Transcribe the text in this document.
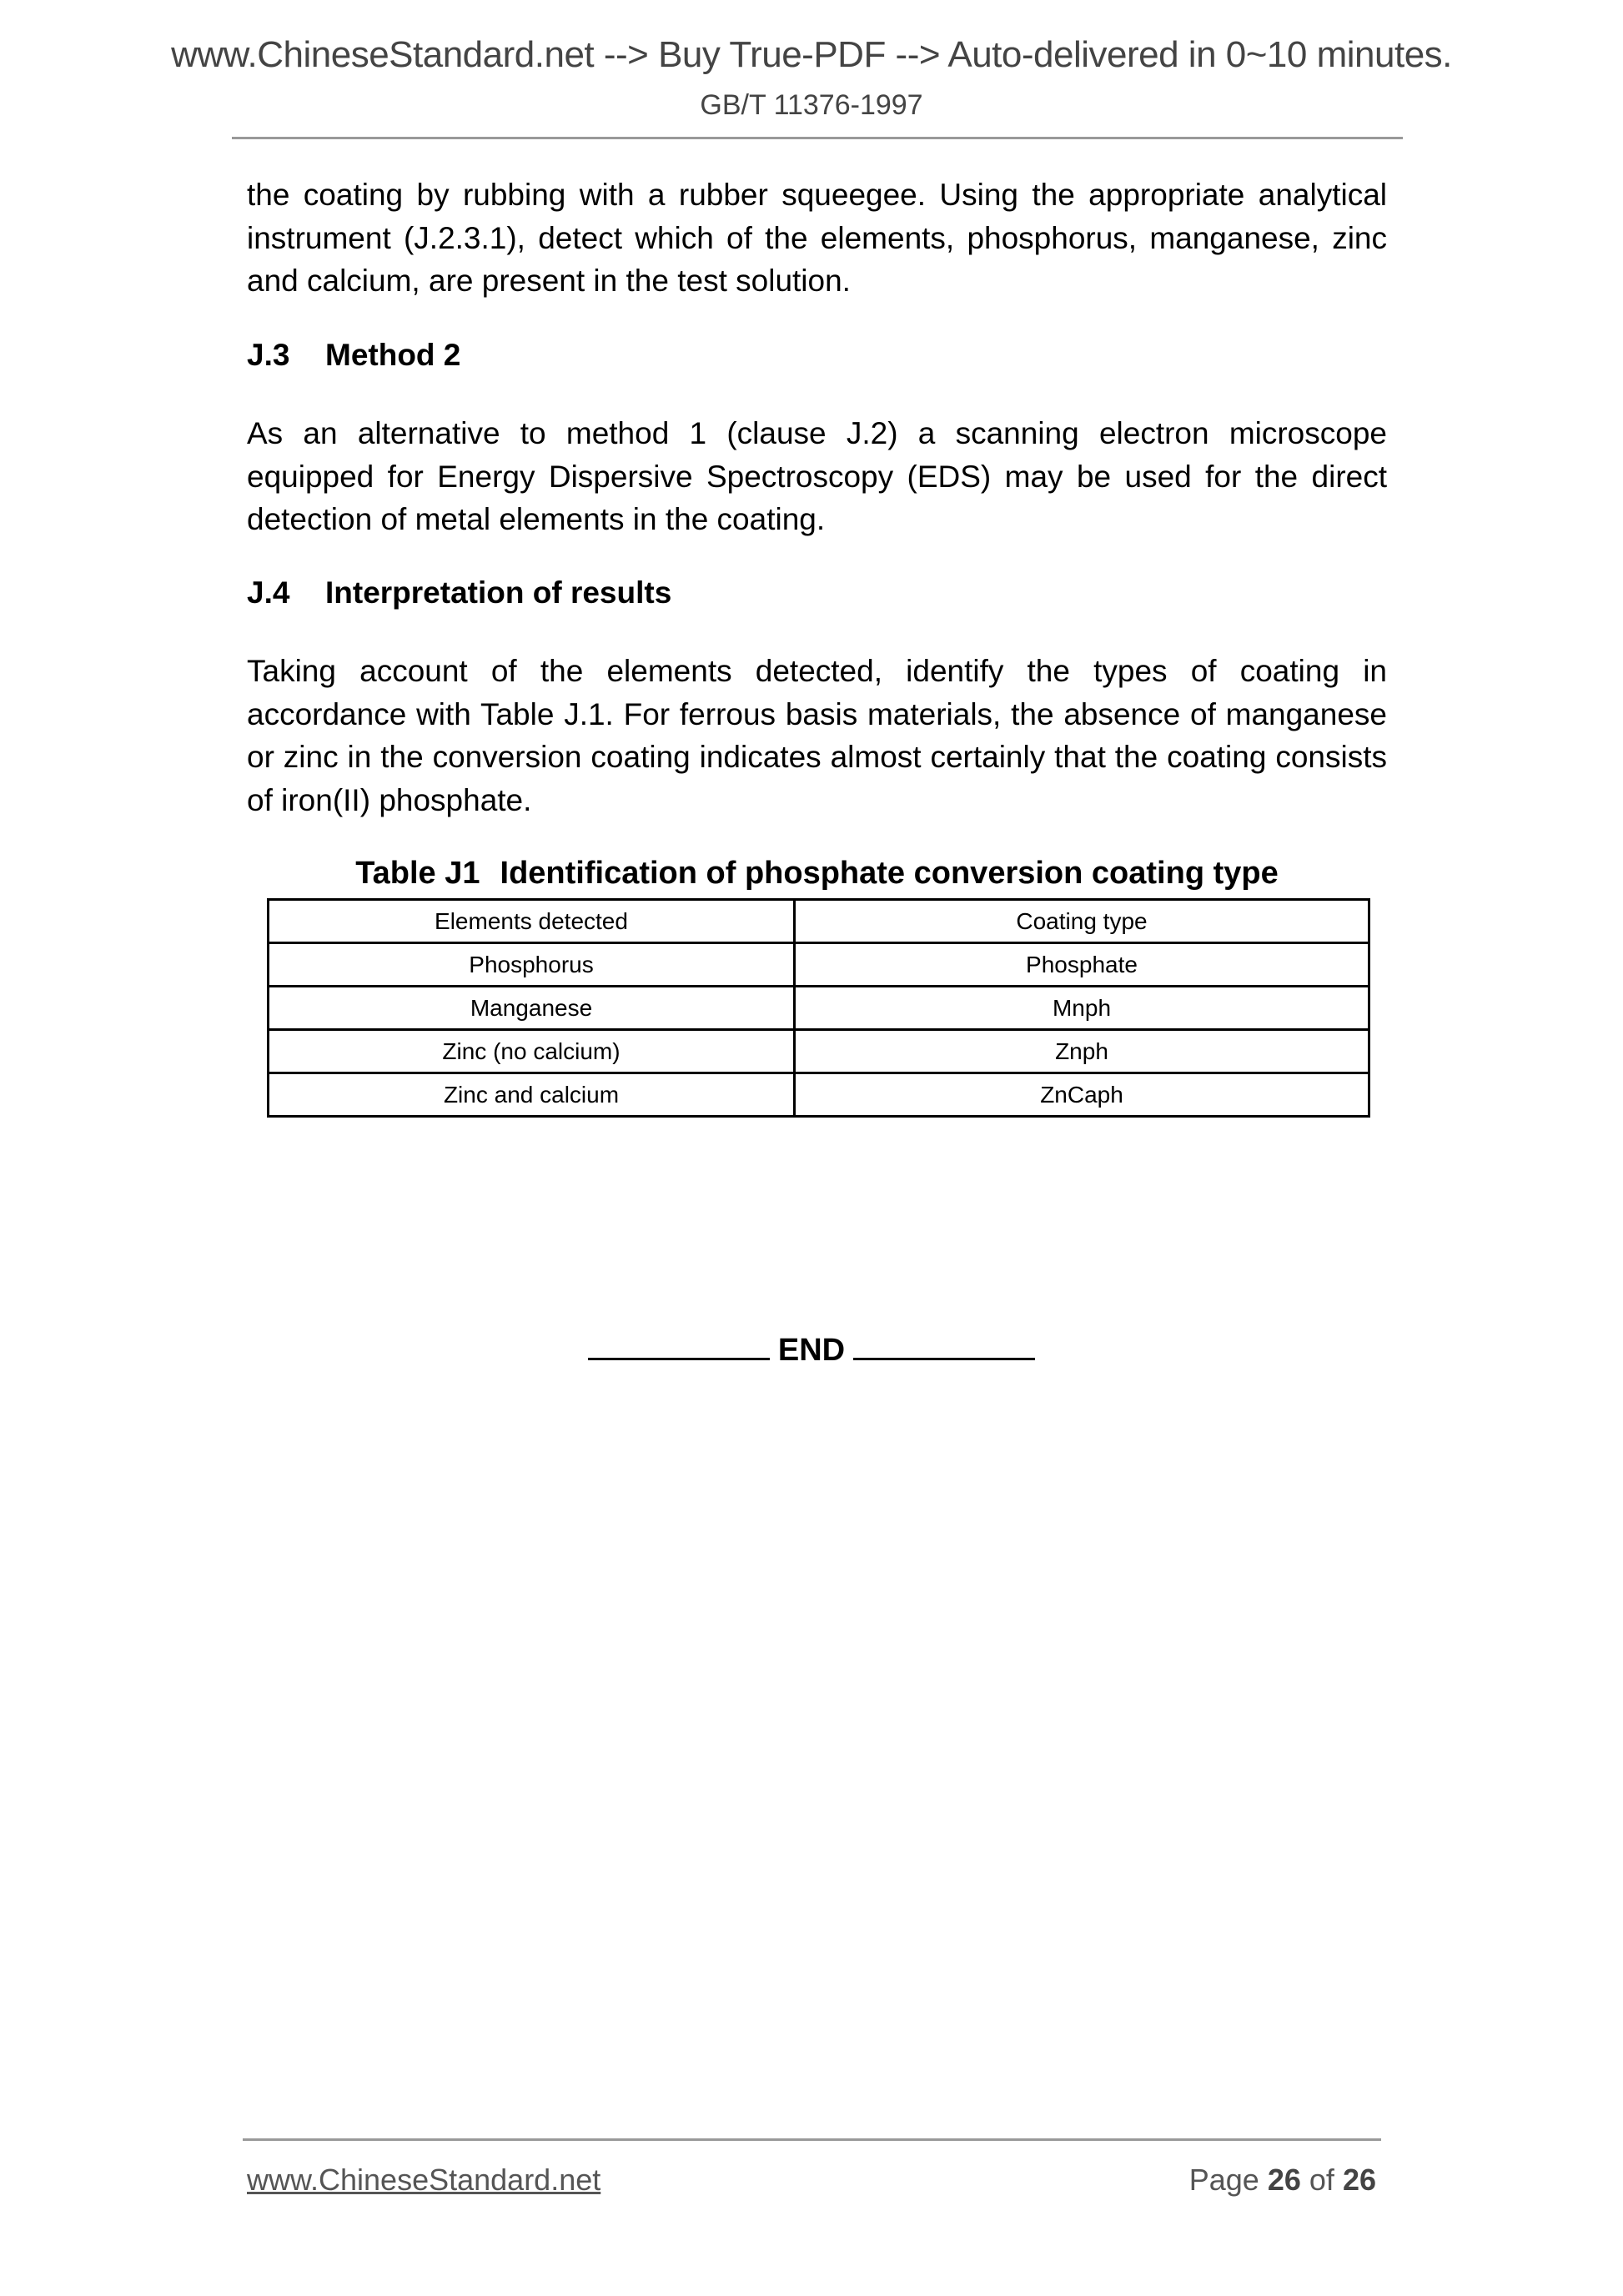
www.ChineseStandard.net --> Buy True-PDF --> Auto-delivered in 0~10 minutes.
GB/T 11376-1997
the coating by rubbing with a rubber squeegee. Using the appropriate analytical instrument (J.2.3.1), detect which of the elements, phosphorus, manganese, zinc and calcium, are present in the test solution.
J.3 Method 2
As an alternative to method 1 (clause J.2) a scanning electron microscope equipped for Energy Dispersive Spectroscopy (EDS) may be used for the direct detection of metal elements in the coating.
J.4 Interpretation of results
Taking account of the elements detected, identify the types of coating in accordance with Table J.1. For ferrous basis materials, the absence of manganese or zinc in the conversion coating indicates almost certainly that the coating consists of iron(II) phosphate.
Table J1 Identification of phosphate conversion coating type
Elements detected	Coating type
Phosphorus	Phosphate
Manganese	Mnph
Zinc (no calcium)	Znph
Zinc and calcium	ZnCaph
END
www.ChineseStandard.net	Page 26 of 26
